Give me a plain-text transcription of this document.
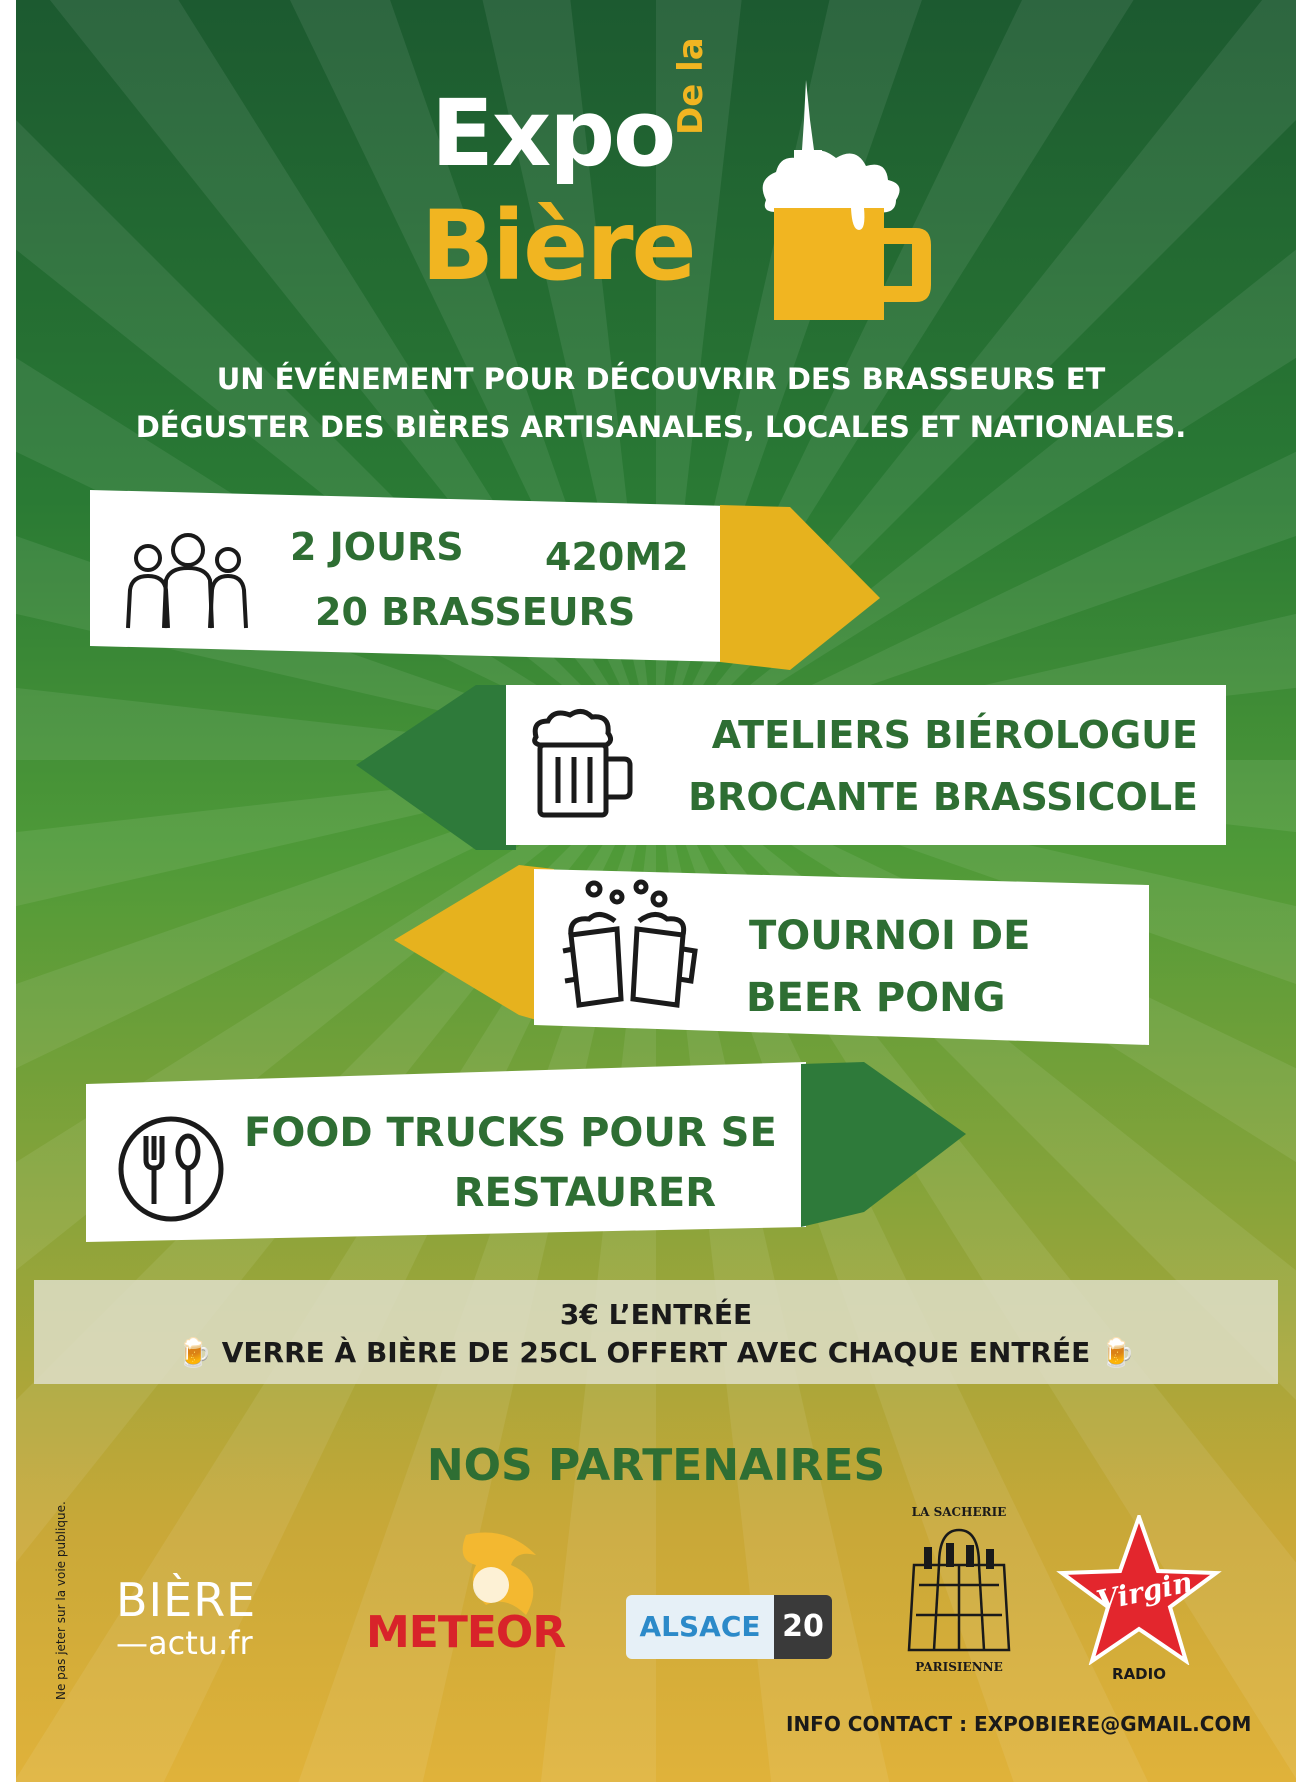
Expo
De la
Bière
UN ÉVÉNEMENT POUR DÉCOUVRIR DES BRASSEURS ET
DÉGUSTER DES BIÈRES ARTISANALES, LOCALES ET NATIONALES.
2 JOURS 420M2
20 BRASSEURS
ATELIERS BIÉROLOGUE
BROCANTE BRASSICOLE
TOURNOI DE
BEER PONG
FOOD TRUCKS POUR SE
RESTAURER
3€ L’ENTRÉE
🍺 VERRE À BIÈRE DE 25CL OFFERT AVEC CHAQUE ENTRÉE 🍺
NOS PARTENAIRES
Ne pas jeter sur la voie publique. BIÈRE
—actu.fr	METEOR	ALSACE 20
LA SACHERIE
PARISIENNE
Virgin
RADIO
INFO CONTACT : EXPOBIERE@GMAIL.COM
